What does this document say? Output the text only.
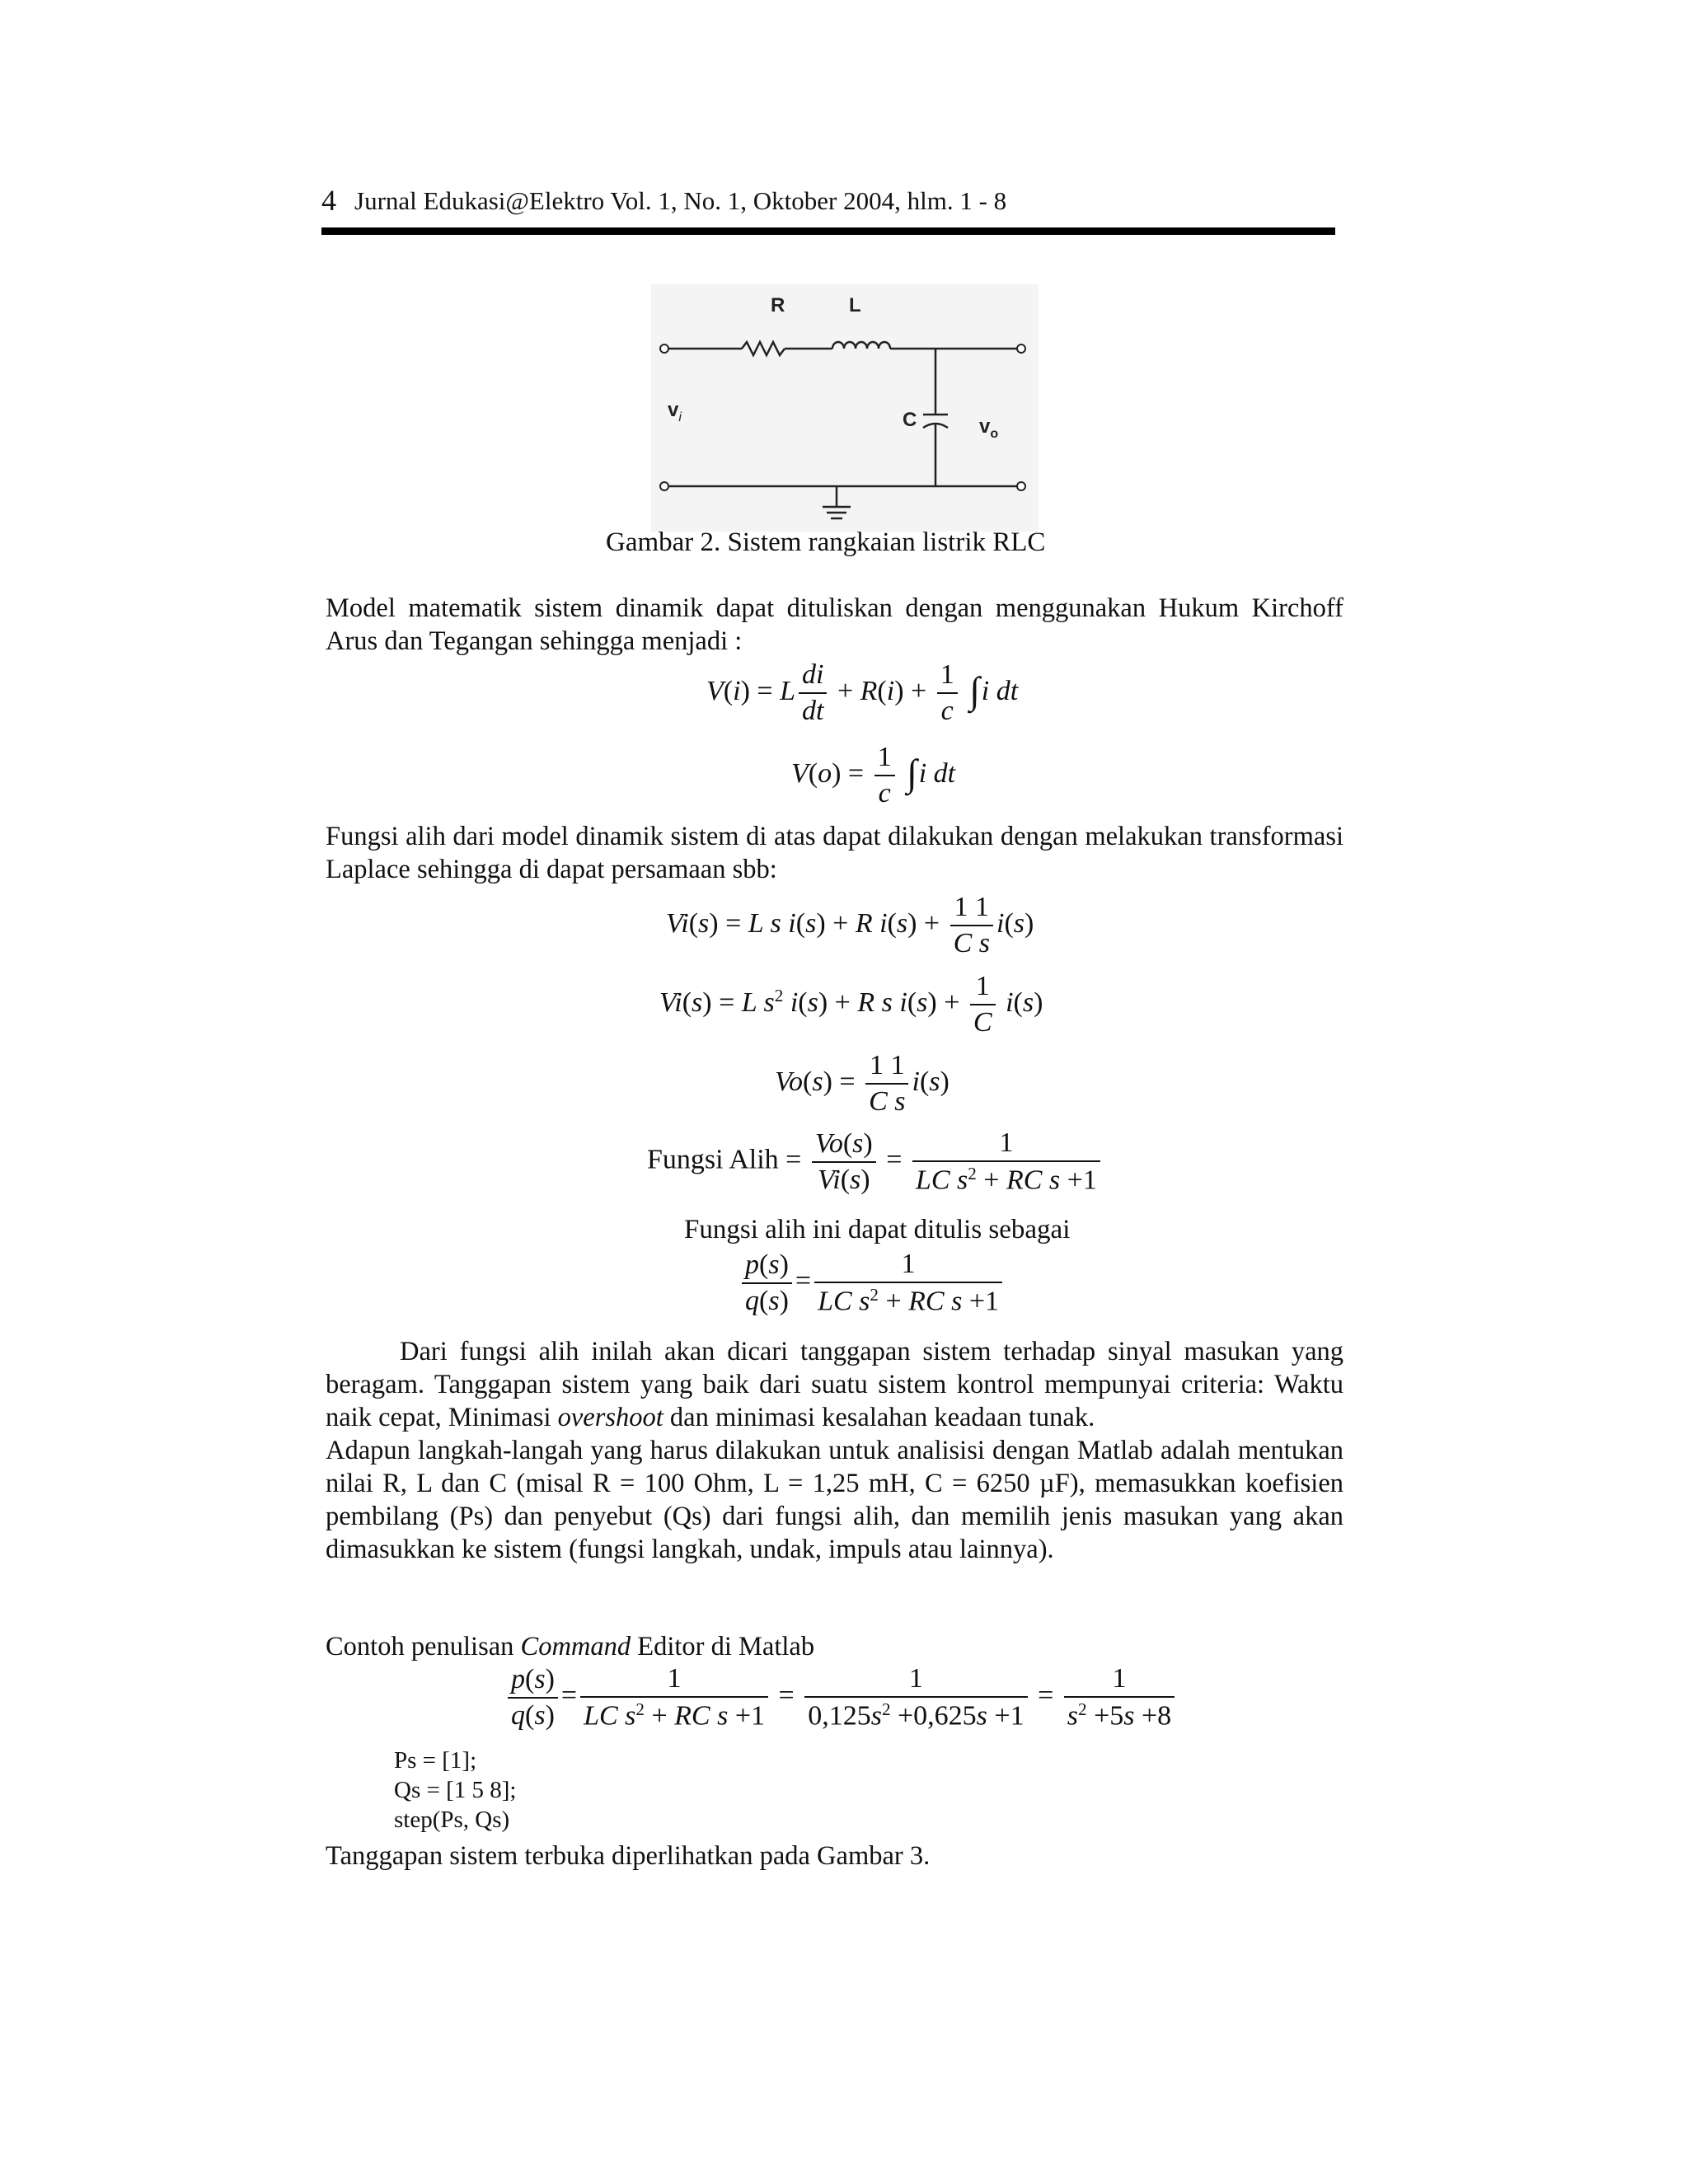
4 Jurnal Edukasi@Elektro Vol. 1, No. 1, Oktober 2004, hlm. 1 - 8
R	L
C
$v_i$	$v_o$
Gambar 2. Sistem rangkaian listrik RLC
Model matematik sistem dinamik dapat dituliskan dengan menggunakan Hukum Kirchoff Arus dan Tegangan sehingga menjadi :
V(i) = L $\frac{di}{dt} + R(i) + \frac{1}{c} \int i$ dt
$V(o) = \frac{1}{c} \int i$ dt
Fungsi alih dari model dinamik sistem di atas dapat dilakukan dengan melakukan transformasi Laplace sehingga di dapat persamaan sbb:
Vi(s) = L s i(s) + R $i(s) + \frac{1 1}{\text{C s}} i(s)$
Vi(s) = L $s^2$ i(s) + R s $i(s) + \frac{1}{C} i(s)$
$Vo(s) = \frac{1 1}{\text{C s}} i(s)$
Fungsi Alih = $\frac{Vo(s)}{Vi(s)} = \frac{1}{LC s^2 + RC s +1}$
Fungsi alih ini dapat ditulis sebagai
$\frac{p(s)}{q(s)} = \frac{1}{LC s^2 + RC s +1}$
Dari fungsi alih inilah akan dicari tanggapan sistem terhadap sinyal masukan yang beragam. Tanggapan sistem yang baik dari suatu sistem kontrol mempunyai criteria: Waktu naik cepat, Minimasi overshoot dan minimasi kesalahan keadaan tunak.
Adapun langkah-langah yang harus dilakukan untuk analisisi dengan Matlab adalah mentukan nilai R, L dan C (misal R = 100 Ohm, L = 1,25 mH, C = 6250 µF), memasukkan koefisien pembilang (Ps) dan penyebut (Qs) dari fungsi alih, dan memilih jenis masukan yang akan dimasukkan ke sistem (fungsi langkah, undak, impuls atau lainnya).
Contoh penulisan Command Editor di Matlab
$\frac{p(s)}{q(s)} = \frac{1}{LC s^2 + RC s +1} = \frac{1}{0,125s^2 +0,625s +1} = \frac{1}{s^2 +5s +8}$
Ps = [1];
Qs = [1 5 8];
step(Ps, Qs)
Tanggapan sistem terbuka diperlihatkan pada Gambar 3.
